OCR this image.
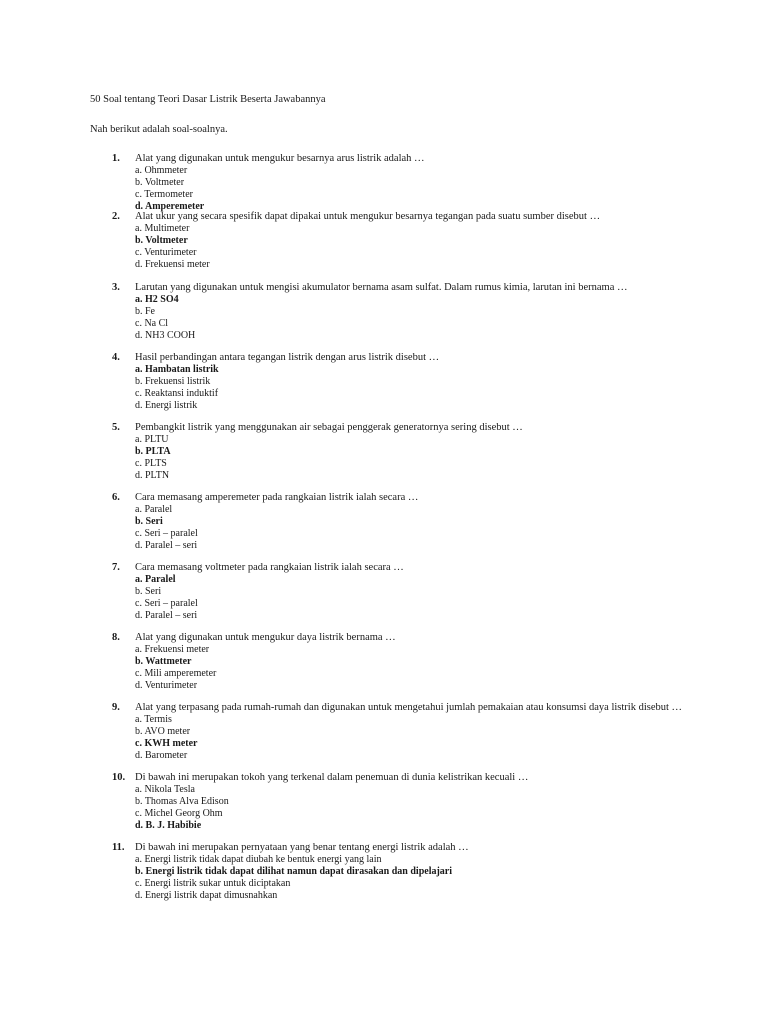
50 Soal tentang Teori Dasar Listrik Beserta Jawabannya
Nah berikut adalah soal-soalnya.
1.	Alat yang digunakan untuk mengukur besarnya arus listrik adalah …
a. Ohmmeter
b. Voltmeter
c. Termometer
d. Amperemeter
2.	Alat ukur yang secara spesifik dapat dipakai untuk mengukur besarnya tegangan pada suatu sumber disebut …
a. Multimeter
b. Voltmeter
c. Venturimeter
d. Frekuensi meter
3.	Larutan yang digunakan untuk mengisi akumulator bernama asam sulfat. Dalam rumus kimia, larutan ini bernama …
a. H2 SO4
b. Fe
c. Na Cl
d. NH3 COOH
4.	Hasil perbandingan antara tegangan listrik dengan arus listrik disebut …
a. Hambatan listrik
b. Frekuensi listrik
c. Reaktansi induktif
d. Energi listrik
5.	Pembangkit listrik yang menggunakan air sebagai penggerak generatornya sering disebut …
a. PLTU
b. PLTA
c. PLTS
d. PLTN
6.	Cara memasang amperemeter pada rangkaian listrik ialah secara …
a. Paralel
b. Seri
c. Seri – paralel
d. Paralel – seri
7.	Cara memasang voltmeter pada rangkaian listrik ialah secara …
a. Paralel
b. Seri
c. Seri – paralel
d. Paralel – seri
8.	Alat yang digunakan untuk mengukur daya listrik bernama …
a. Frekuensi meter
b. Wattmeter
c. Mili amperemeter
d. Venturimeter
9.	Alat yang terpasang pada rumah-rumah dan digunakan untuk mengetahui jumlah pemakaian atau konsumsi daya listrik disebut …
a. Termis
b. AVO meter
c. KWH meter
d. Barometer
10. Di bawah ini merupakan tokoh yang terkenal dalam penemuan di dunia kelistrikan kecuali …
a. Nikola Tesla
b. Thomas Alva Edison
c. Michel Georg Ohm
d. B. J. Habibie
11. Di bawah ini merupakan pernyataan yang benar tentang energi listrik adalah …
a. Energi listrik tidak dapat diubah ke bentuk energi yang lain
b. Energi listrik tidak dapat dilihat namun dapat dirasakan dan dipelajari
c. Energi listrik sukar untuk diciptakan
d. Energi listrik dapat dimusnahkan
